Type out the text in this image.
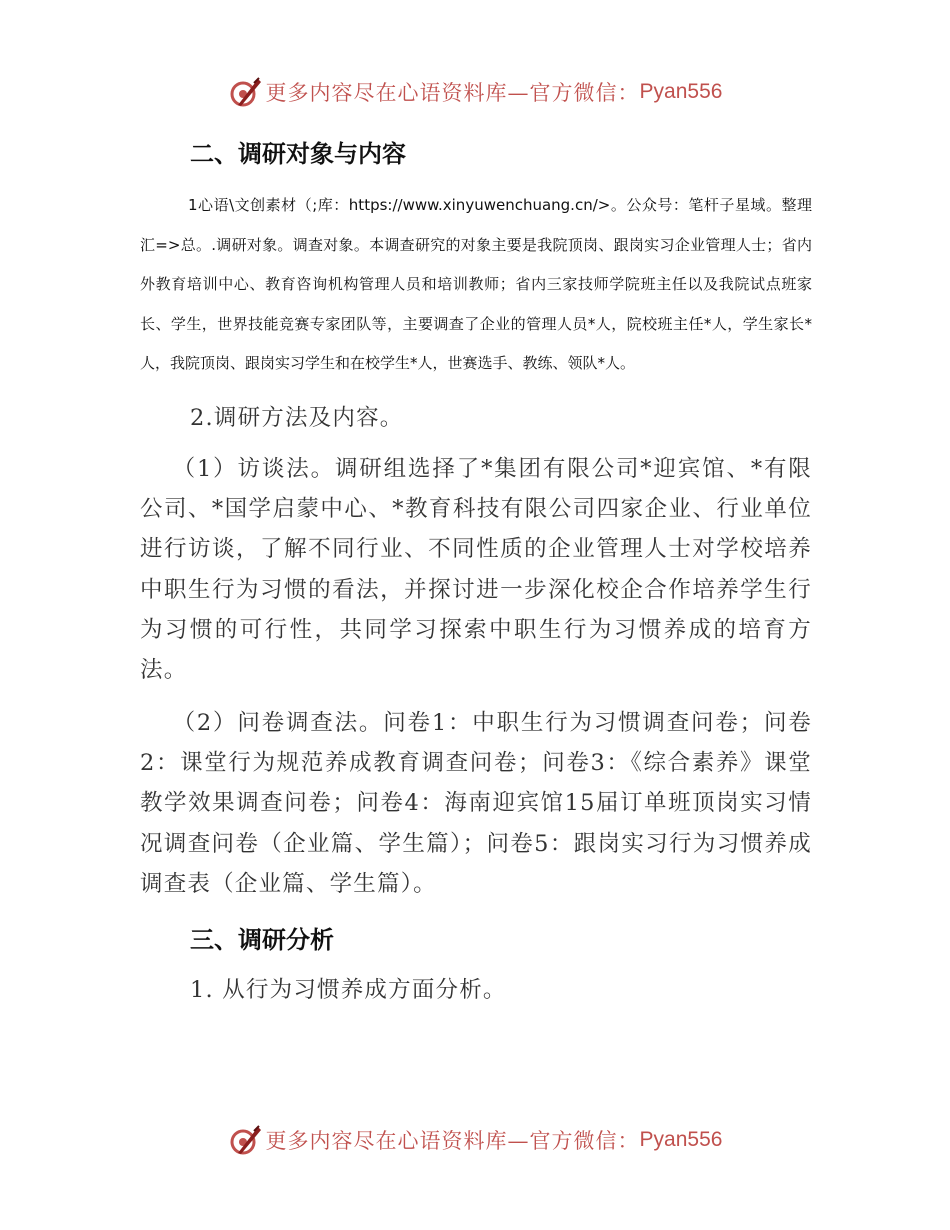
更多内容尽在心语资料库—官方微信： Pyan556
二、调研对象与内容
1心语\文创素材（;库：https://www.xinyuwenchuang.cn/>。公众号：笔杆子星域。整理汇=>总。.调研对象。调查对象。本调查研究的对象主要是我院顶岗、跟岗实习企业管理人士；省内外教育培训中心、教育咨询机构管理人员和培训教师；省内三家技师学院班主任以及我院试点班家长、学生，世界技能竞赛专家团队等，主要调查了企业的管理人员*人，院校班主任*人，学生家长*人，我院顶岗、跟岗实习学生和在校学生*人，世赛选手、教练、领队*人。
2.调研方法及内容。
（1）访谈法。调研组选择了*集团有限公司*迎宾馆、*有限公司、*国学启蒙中心、*教育科技有限公司四家企业、行业单位进行访谈，了解不同行业、不同性质的企业管理人士对学校培养中职生行为习惯的看法，并探讨进一步深化校企合作培养学生行为习惯的可行性，共同学习探索中职生行为习惯养成的培育方法。
（2）问卷调查法。问卷1：中职生行为习惯调查问卷；问卷2：课堂行为规范养成教育调查问卷；问卷3：《综合素养》课堂教学效果调查问卷；问卷4：海南迎宾馆15届订单班顶岗实习情况调查问卷（企业篇、学生篇）；问卷5：跟岗实习行为习惯养成调查表（企业篇、学生篇）。
三、调研分析
1. 从行为习惯养成方面分析。
更多内容尽在心语资料库—官方微信： Pyan556
